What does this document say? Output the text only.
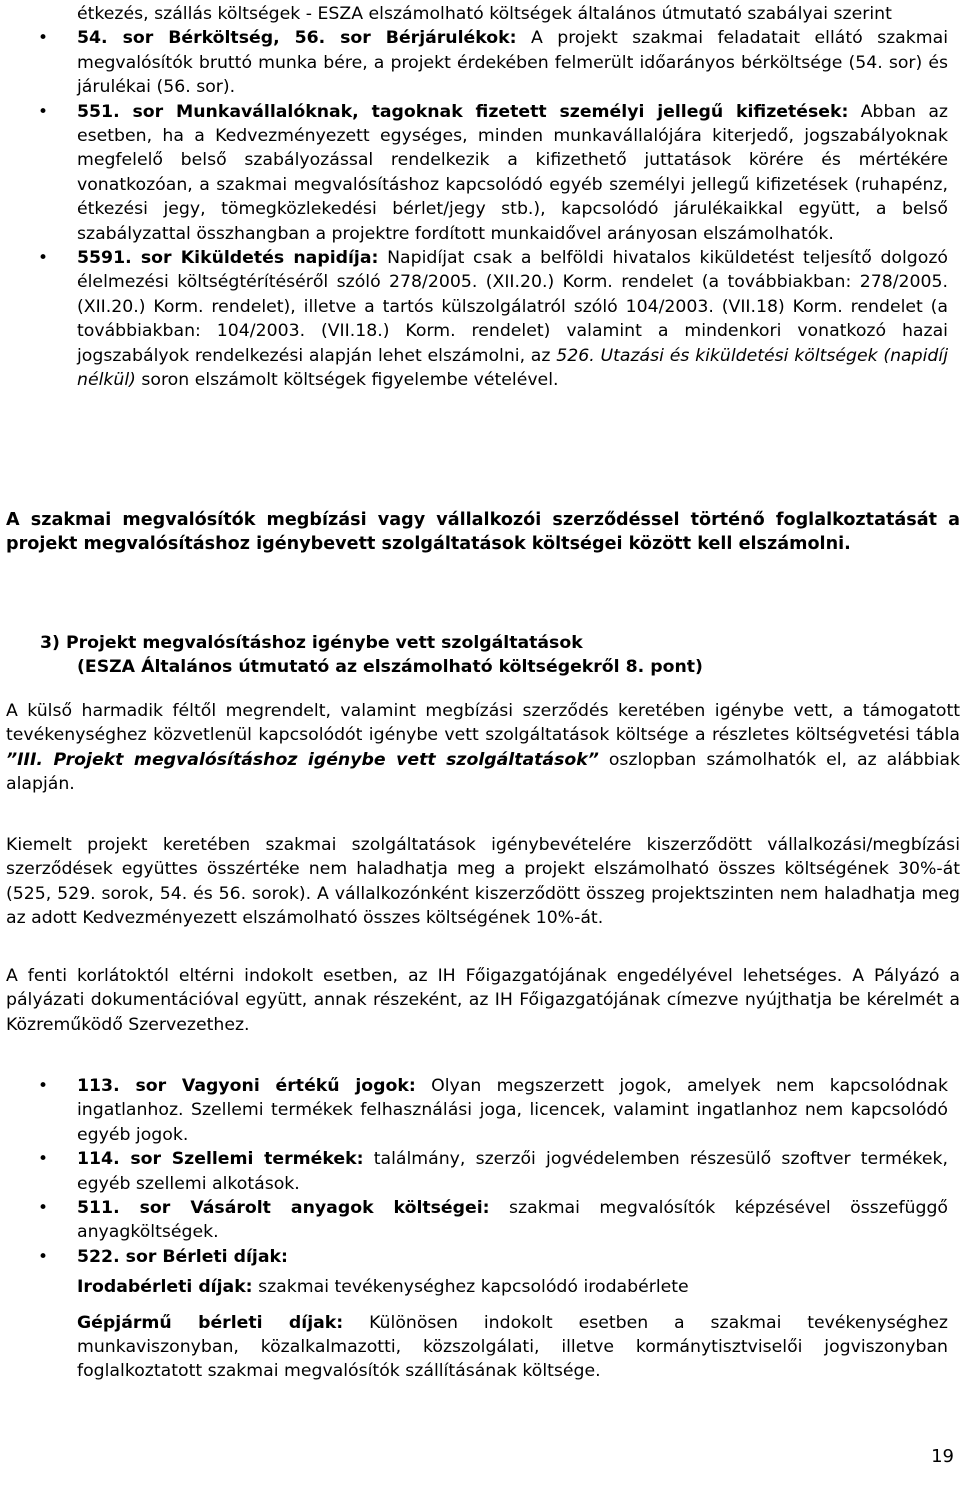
étkezés, szállás költségek - ESZA elszámolható költségek általános útmutató szabályai szerint

• 54. sor Bérköltség, 56. sor Bérjárulékok: A projekt szakmai feladatait ellátó szakmai megvalósítók bruttó munka bére, a projekt érdekében felmerült időarányos bérköltsége (54. sor) és járulékai (56. sor).
• 551. sor Munkavállalóknak, tagoknak fizetett személyi jellegű kifizetések: Abban az esetben, ha a Kedvezményezett egységes, minden munkavállalójára kiterjedő, jogszabályoknak megfelelő belső szabályozással rendelkezik a kifizethető juttatások körére és mértékére vonatkozóan, a szakmai megvalósításhoz kapcsolódó egyéb személyi jellegű kifizetések (ruhapénz, étkezési jegy, tömegközlekedési bérlet/jegy stb.), kapcsolódó járulékaikkal együtt, a belső szabályzattal összhangban a projektre fordított munkaidővel arányosan elszámolhatók.
• 5591. sor Kiküldetés napidíja: Napidíjat csak a belföldi hivatalos kiküldetést teljesítő dolgozó élelmezési költségtérítéséről szóló 278/2005. (XII.20.) Korm. rendelet (a továbbiakban: 278/2005. (XII.20.) Korm. rendelet), illetve a tartós külszolgálatról szóló 104/2003. (VII.18) Korm. rendelet (a továbbiakban: 104/2003. (VII.18.) Korm. rendelet) valamint a mindenkori vonatkozó hazai jogszabályok rendelkezési alapján lehet elszámolni, az 526. Utazási és kiküldetési költségek (napidíj nélkül) soron elszámolt költségek figyelembe vételével.

A szakmai megvalósítók megbízási vagy vállalkozói szerződéssel történő foglalkoztatását a projekt megvalósításhoz igénybevett szolgáltatások költségei között kell elszámolni.

3) Projekt megvalósításhoz igénybe vett szolgáltatások
(ESZA Általános útmutató az elszámolható költségekről 8. pont)

A külső harmadik féltől megrendelt, valamint megbízási szerződés keretében igénybe vett, a támogatott tevékenységhez közvetlenül kapcsolódót igénybe vett szolgáltatások költsége a részletes költségvetési tábla ”III. Projekt megvalósításhoz igénybe vett szolgáltatások” oszlopban számolhatók el, az alábbiak alapján.

Kiemelt projekt keretében szakmai szolgáltatások igénybevételére kiszerződött vállalkozási/megbízási szerződések együttes összértéke nem haladhatja meg a projekt elszámolható összes költségének 30%-át (525, 529. sorok, 54. és 56. sorok). A vállalkozónként kiszerződött összeg projektszinten nem haladhatja meg az adott Kedvezményezett elszámolható összes költségének 10%-át.

A fenti korlátoktól eltérni indokolt esetben, az IH Főigazgatójának engedélyével lehetséges. A Pályázó a pályázati dokumentációval együtt, annak részeként, az IH Főigazgatójának címezve nyújthatja be kérelmét a Közreműködő Szervezethez.

• 113. sor Vagyoni értékű jogok: Olyan megszerzett jogok, amelyek nem kapcsolódnak ingatlanhoz. Szellemi termékek felhasználási joga, licencek, valamint ingatlanhoz nem kapcsolódó egyéb jogok.
• 114. sor Szellemi termékek: találmány, szerzői jogvédelemben részesülő szoftver termékek, egyéb szellemi alkotások.
• 511. sor Vásárolt anyagok költségei: szakmai megvalósítók képzésével összefüggő anyagköltségek.
• 522. sor Bérleti díjak:

Irodabérleti díjak: szakmai tevékenységhez kapcsolódó irodabérlete

Gépjármű bérleti díjak: Különösen indokolt esetben a szakmai tevékenységhez munkaviszonyban, közalkalmazotti, közszolgálati, illetve kormánytisztviselői jogviszonyban foglalkoztatott szakmai megvalósítók szállításának költsége.

19
